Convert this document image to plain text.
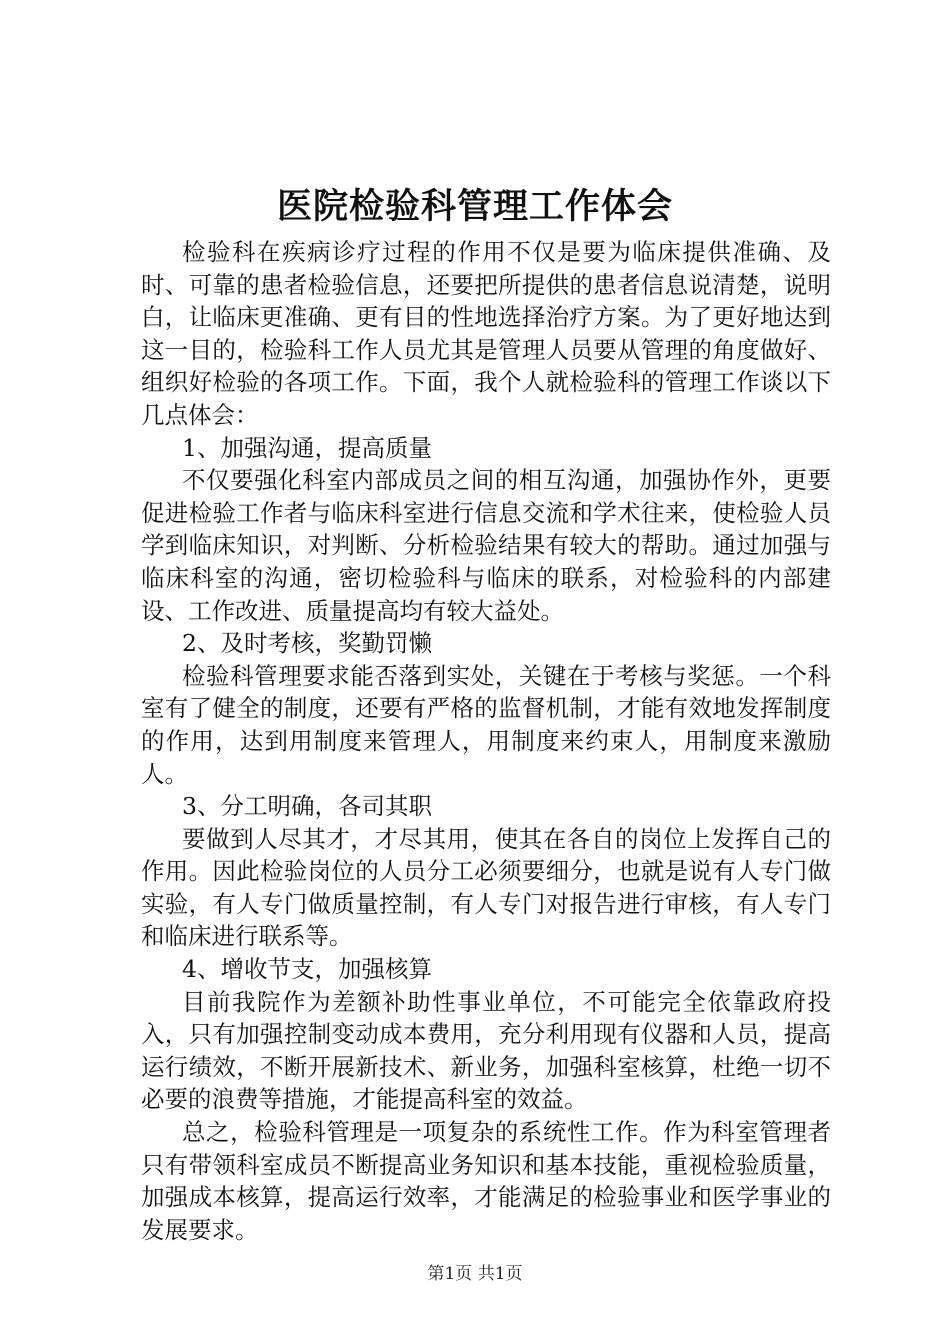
医院检验科管理工作体会

检验科在疾病诊疗过程的作用不仅是要为临床提供准确、及时、可靠的患者检验信息，还要把所提供的患者信息说清楚，说明白，让临床更准确、更有目的性地选择治疗方案。为了更好地达到这一目的，检验科工作人员尤其是管理人员要从管理的角度做好、组织好检验的各项工作。下面，我个人就检验科的管理工作谈以下几点体会：

1、加强沟通，提高质量

不仅要强化科室内部成员之间的相互沟通，加强协作外，更要促进检验工作者与临床科室进行信息交流和学术往来，使检验人员学到临床知识，对判断、分析检验结果有较大的帮助。通过加强与临床科室的沟通，密切检验科与临床的联系，对检验科的内部建设、工作改进、质量提高均有较大益处。

2、及时考核，奖勤罚懒

检验科管理要求能否落到实处，关键在于考核与奖惩。一个科室有了健全的制度，还要有严格的监督机制，才能有效地发挥制度的作用，达到用制度来管理人，用制度来约束人，用制度来激励人。

3、分工明确，各司其职

要做到人尽其才，才尽其用，使其在各自的岗位上发挥自己的作用。因此检验岗位的人员分工必须要细分，也就是说有人专门做实验，有人专门做质量控制，有人专门对报告进行审核，有人专门和临床进行联系等。

4、增收节支，加强核算

目前我院作为差额补助性事业单位，不可能完全依靠政府投入，只有加强控制变动成本费用，充分利用现有仪器和人员，提高运行绩效，不断开展新技术、新业务，加强科室核算，杜绝一切不必要的浪费等措施，才能提高科室的效益。

总之，检验科管理是一项复杂的系统性工作。作为科室管理者只有带领科室成员不断提高业务知识和基本技能，重视检验质量，加强成本核算，提高运行效率，才能满足的检验事业和医学事业的发展要求。

第1页 共1页
